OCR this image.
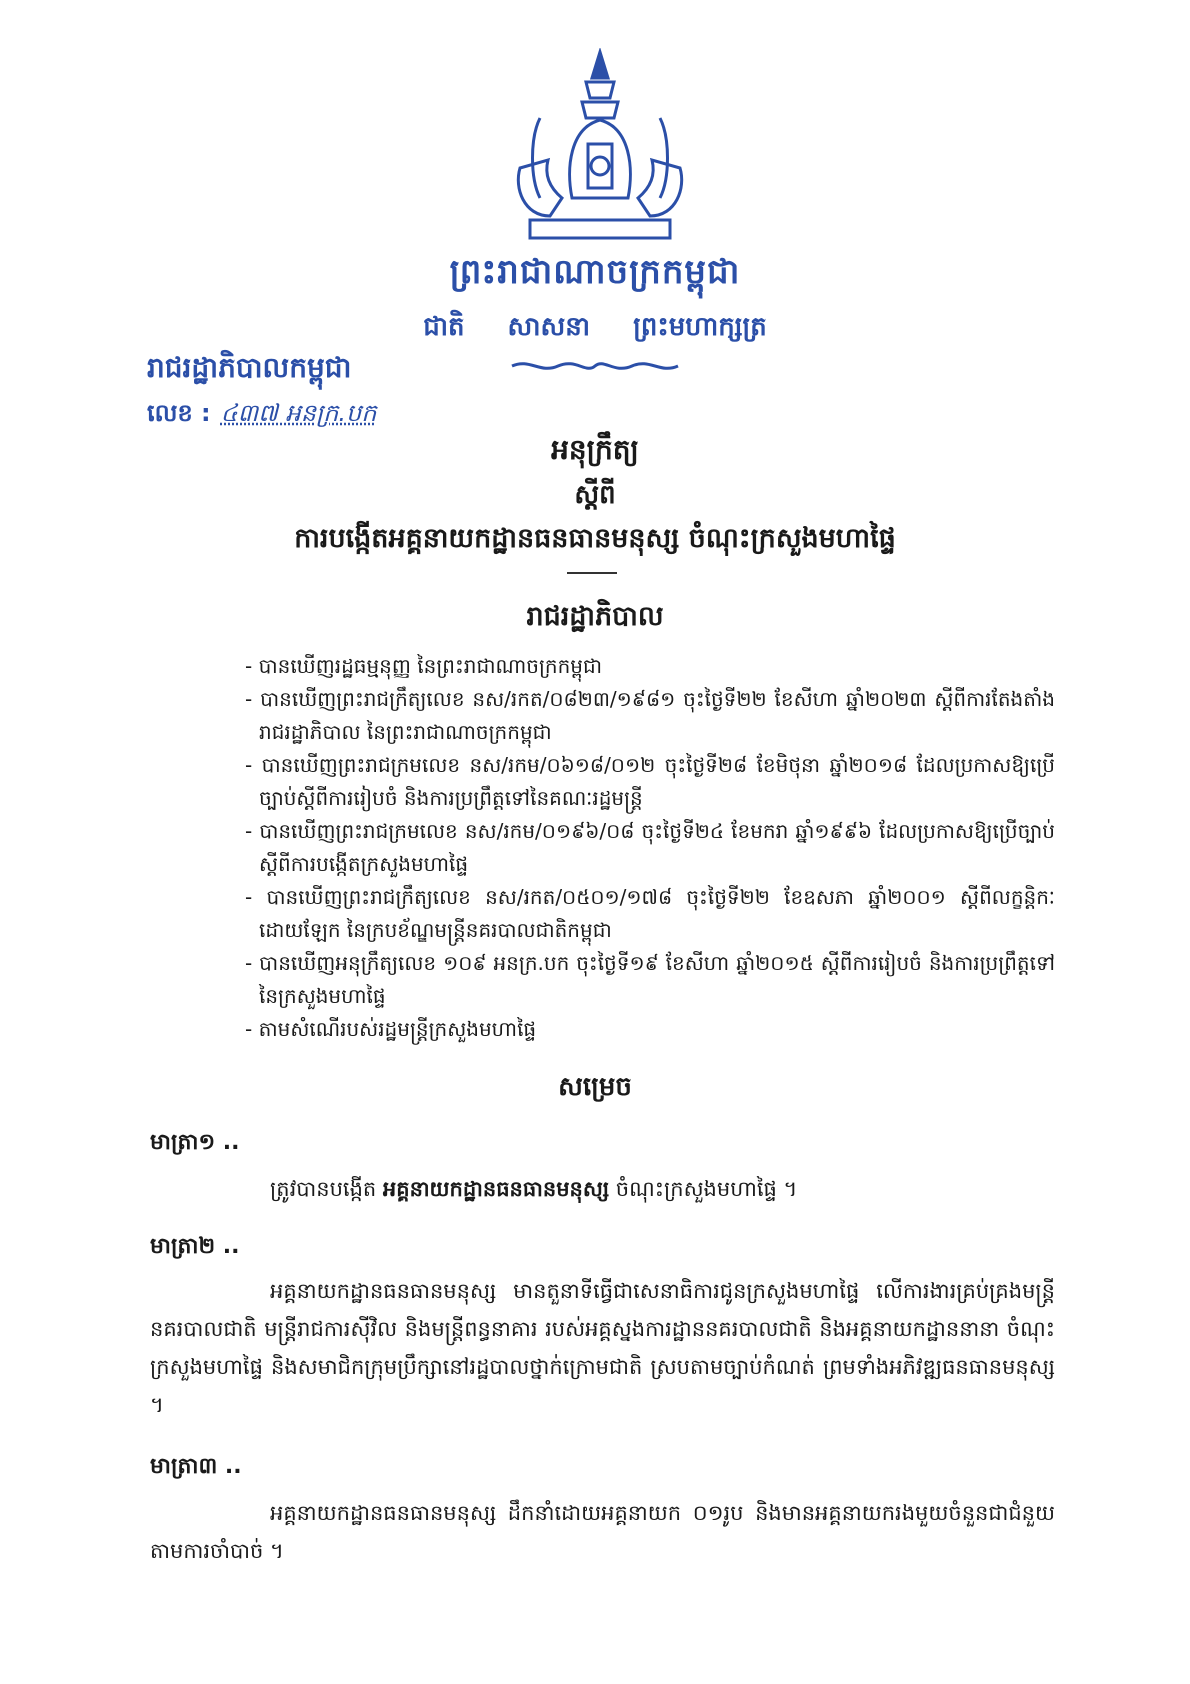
ព្រះរាជាណាចក្រកម្ពុជា
ជាតិ សាសនា ព្រះមហាក្សត្រ
រាជរដ្ឋាភិបាលកម្ពុជា
លេខ : ៤៣៧ អនក្រ.បក
អនុក្រឹត្យ
ស្តីពី
ការបង្កើតអគ្គនាយកដ្ឋានធនធានមនុស្ស ចំណុះក្រសួងមហាផ្ទៃ
រាជរដ្ឋាភិបាល
- បានឃើញរដ្ឋធម្មនុញ្ញ នៃព្រះរាជាណាចក្រកម្ពុជា
- បានឃើញព្រះរាជក្រឹត្យលេខ នស/រកត/០៨២៣/១៩៨១ ចុះថ្ងៃទី២២ ខែសីហា ឆ្នាំ២០២៣ ស្តីពីការតែងតាំងរាជរដ្ឋាភិបាល នៃព្រះរាជាណាចក្រកម្ពុជា
- បានឃើញព្រះរាជក្រមលេខ នស/រកម/០៦១៨/០១២ ចុះថ្ងៃទី២៨ ខែមិថុនា ឆ្នាំ២០១៨ ដែលប្រកាសឱ្យប្រើច្បាប់ស្តីពីការរៀបចំ និងការប្រព្រឹត្តទៅនៃគណៈរដ្ឋមន្ត្រី
- បានឃើញព្រះរាជក្រមលេខ នស/រកម/០១៩៦/០៨ ចុះថ្ងៃទី២៤ ខែមករា ឆ្នាំ១៩៩៦ ដែលប្រកាសឱ្យប្រើច្បាប់ស្តីពីការបង្កើតក្រសួងមហាផ្ទៃ
- បានឃើញព្រះរាជក្រឹត្យលេខ នស/រកត/០៥០១/១៧៨ ចុះថ្ងៃទី២២ ខែឧសភា ឆ្នាំ២០០១ ស្តីពីលក្ខន្តិកៈដោយឡែក នៃក្របខ័ណ្ឌមន្ត្រីនគរបាលជាតិកម្ពុជា
- បានឃើញអនុក្រឹត្យលេខ ១០៩ អនក្រ.បក ចុះថ្ងៃទី១៩ ខែសីហា ឆ្នាំ២០១៥ ស្តីពីការរៀបចំ និងការប្រព្រឹត្តទៅ នៃក្រសួងមហាផ្ទៃ
- តាមសំណើរបស់រដ្ឋមន្ត្រីក្រសួងមហាផ្ទៃ
សម្រេច
មាត្រា១ ..

ត្រូវបានបង្កើត អគ្គនាយកដ្ឋានធនធានមនុស្ស ចំណុះក្រសួងមហាផ្ទៃ ។

មាត្រា២ ..

អគ្គនាយកដ្ឋានធនធានមនុស្ស មានតួនាទីធ្វើជាសេនាធិការជូនក្រសួងមហាផ្ទៃ លើការងារគ្រប់គ្រងមន្ត្រីនគរបាលជាតិ មន្ត្រីរាជការស៊ីវិល និងមន្ត្រីពន្ធនាគារ របស់អគ្គស្នងការដ្ឋាននគរបាលជាតិ និងអគ្គនាយកដ្ឋាននានា ចំណុះក្រសួងមហាផ្ទៃ និងសមាជិកក្រុមប្រឹក្សានៅរដ្ឋបាលថ្នាក់ក្រោមជាតិ ស្របតាមច្បាប់កំណត់ ព្រមទាំងអភិវឌ្ឍធនធានមនុស្ស ។

មាត្រា៣ ..

អគ្គនាយកដ្ឋានធនធានមនុស្ស ដឹកនាំដោយអគ្គនាយក ០១រូប និងមានអគ្គនាយករងមួយចំនួនជាជំនួយ តាមការចាំបាច់ ។
